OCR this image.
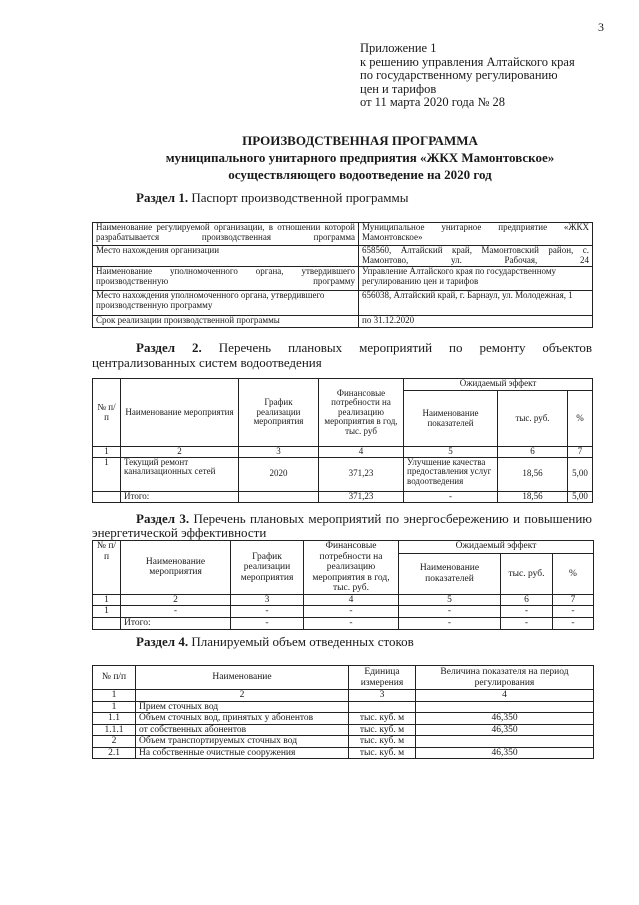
3
Приложение 1
к решению управления Алтайского края
по государственному регулированию
цен и тарифов
от 11 марта 2020 года № 28
ПРОИЗВОДСТВЕННАЯ ПРОГРАММА
муниципального унитарного предприятия «ЖКХ Мамонтовское»
осуществляющего водоотведение на 2020 год
Раздел 1. Паспорт производственной программы
Наименование регулируемой организации, в отношении которой разрабатывается производственная программа	Муниципальное унитарное предприятие «ЖКХ Мамонтовское»
Место нахождения организации	658560, Алтайский край, Мамонтовский район, с. Мамонтово, ул. Рабочая, 24
Наименование уполномоченного органа, утвердившего производственную программу	Управление Алтайского края по государственному регулированию цен и тарифов
Место нахождения уполномоченного органа, утвердившего производственную программу	656038, Алтайский край, г. Барнаул, ул. Молодежная, 1
Срок реализации производственной программы	по 31.12.2020
Раздел 2. Перечень плановых мероприятий по ремонту объектов централизованных систем водоотведения
№ п/п	Наименование мероприятия	График реализации мероприятия	Финансовые потребности на реализацию мероприятия в год, тыс. руб	Ожидаемый эффект		
				Наименование показателей	тыс. руб.	%
1	2	3	4	5	6	7
1	Текущий ремонт канализационных сетей	2020	371,23	Улучшение качества предоставления услуг водоотведения	18,56	5,00
	Итого:		371,23	-	18,56	5,00
Раздел 3. Перечень плановых мероприятий по энергосбережению и повышению энергетической эффективности
№ п/п	Наименование мероприятия	График реализации мероприятия	Финансовые потребности на реализацию мероприятия в год, тыс. руб.	Ожидаемый эффект		
				Наименование показателей	тыс. руб.	%
1	2	3	4	5	6	7
1	-	-	-	-	-	-
	Итого:	-	-	-	-	-
Раздел 4. Планируемый объем отведенных стоков
№ п/п	Наименование	Единица измерения	Величина показателя на период регулирования
1	2	3	4
1	Прием сточных вод		
1.1	Объем сточных вод, принятых у абонентов	тыс. куб. м	46,350
1.1.1	от собственных абонентов	тыс. куб. м	46,350
2	Объем транспортируемых сточных вод	тыс. куб. м	
2.1	На собственные очистные сооружения	тыс. куб. м	46,350
